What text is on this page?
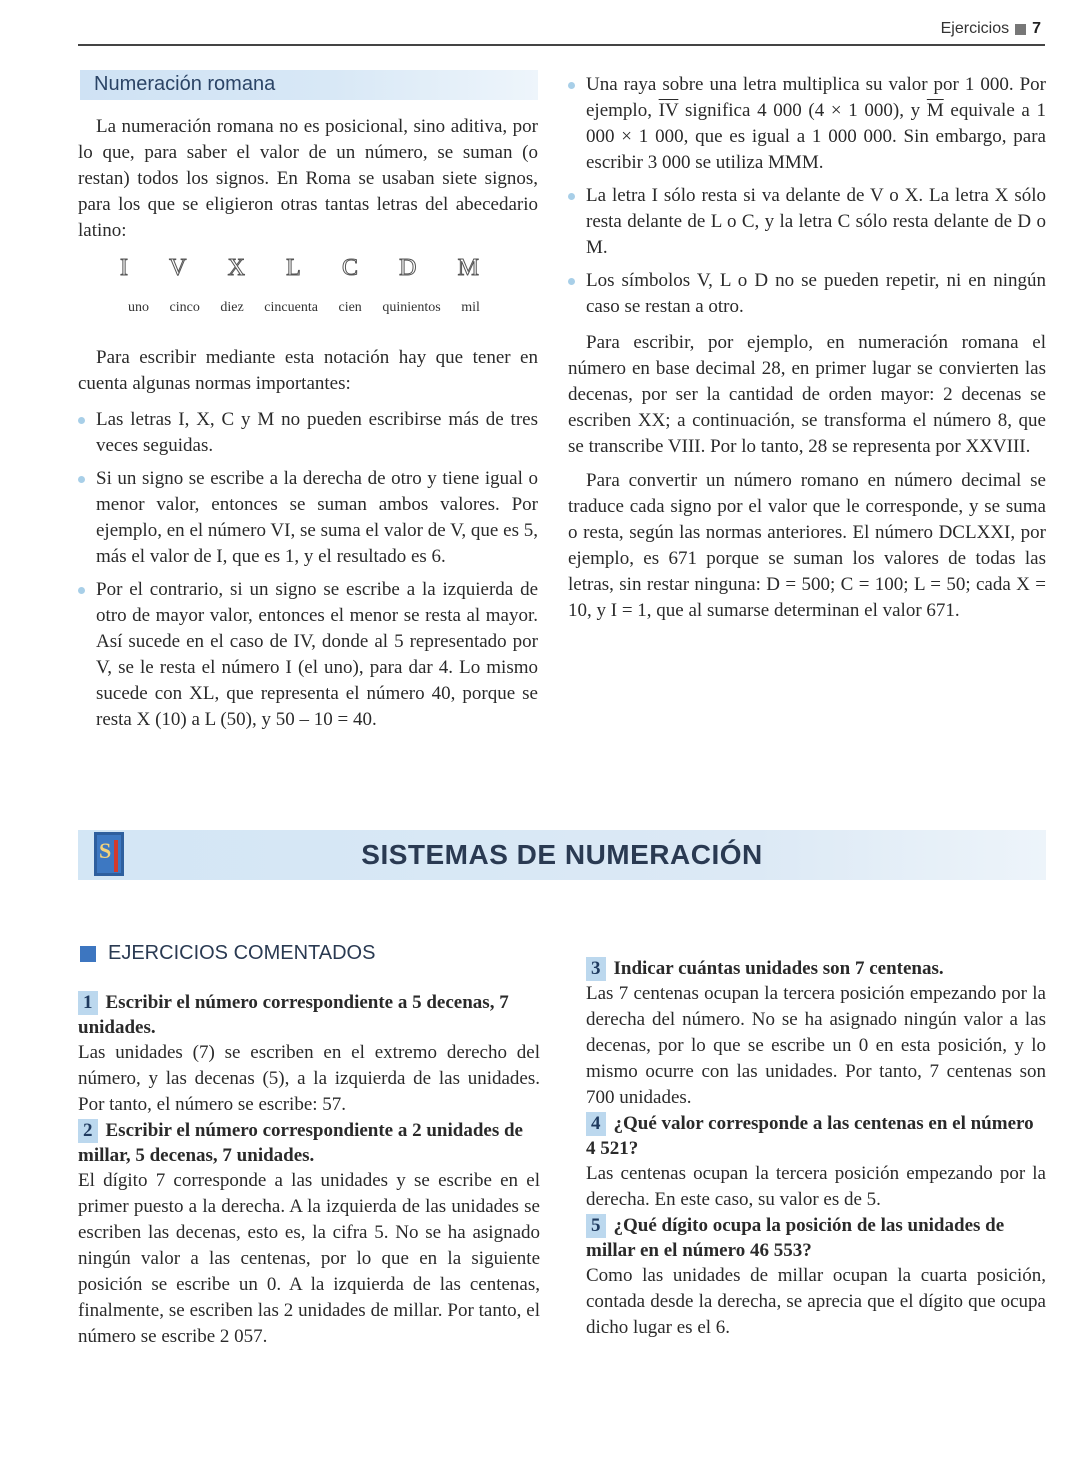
Ejercicios 7
Numeración romana

La numeración romana no es posicional, sino aditiva, por lo que, para saber el valor de un número, se suman (o restan) todos los signos. En Roma se usaban siete signos, para los que se eligieron otras tantas letras del abecedario latino:

I V X L C D M
uno cinco diez cincuenta cien quinientos mil

Para escribir mediante esta notación hay que tener en cuenta algunas normas importantes:

Las letras I, X, C y M no pueden escribirse más de tres veces seguidas.
Si un signo se escribe a la derecha de otro y tiene igual o menor valor, entonces se suman ambos valores. Por ejemplo, en el número VI, se suma el valor de V, que es 5, más el valor de I, que es 1, y el resultado es 6.
Por el contrario, si un signo se escribe a la izquierda de otro de mayor valor, entonces el menor se resta al mayor. Así sucede en el caso de IV, donde al 5 representado por V, se le resta el número I (el uno), para dar 4. Lo mismo sucede con XL, que representa el número 40, porque se resta X (10) a L (50), y 50 – 10 = 40.
Una raya sobre una letra multiplica su valor por 1 000. Por ejemplo, $\overline{IV}$ significa 4 000 (4 × 1 000), y $\overline{M}$ equivale a 1 000 × 1 000, que es igual a 1 000 000. Sin embargo, para escribir 3 000 se utiliza MMM.
La letra I sólo resta si va delante de V o X. La letra X sólo resta delante de L o C, y la letra C sólo resta delante de D o M.
Los símbolos V, L o D no se pueden repetir, ni en ningún caso se restan a otro.

Para escribir, por ejemplo, en numeración romana el número en base decimal 28, en primer lugar se convierten las decenas, por ser la cantidad de orden mayor: 2 decenas se escriben XX; a continuación, se transforma el número 8, que se transcribe VIII. Por lo tanto, 28 se representa por XXVIII.

Para convertir un número romano en número decimal se traduce cada signo por el valor que le corresponde, y se suma o resta, según las normas anteriores. El número DCLXXI, por ejemplo, es 671 porque se suman los valores de todas las letras, sin restar ninguna: D = 500; C = 100; L = 50; cada X = 10, y I = 1, que al sumarse determinan el valor 671.

S	SISTEMAS DE NUMERACIÓN
EJERCICIOS COMENTADOS

1 Escribir el número correspondiente a 5 decenas, 7 unidades.

Las unidades (7) se escriben en el extremo derecho del número, y las decenas (5), a la izquierda de las unidades. Por tanto, el número se escribe: 57.

2 Escribir el número correspondiente a 2 unidades de millar, 5 decenas, 7 unidades.

El dígito 7 corresponde a las unidades y se escribe en el primer puesto a la derecha. A la izquierda de las unidades se escriben las decenas, esto es, la cifra 5. No se ha asignado ningún valor a las centenas, por lo que en la siguiente posición se escribe un 0. A la izquierda de las centenas, finalmente, se escriben las 2 unidades de millar. Por tanto, el número se escribe 2 057.

3 Indicar cuántas unidades son 7 centenas.

Las 7 centenas ocupan la tercera posición empezando por la derecha del número. No se ha asignado ningún valor a las decenas, por lo que se escribe un 0 en esta posición, y lo mismo ocurre con las unidades. Por tanto, 7 centenas son 700 unidades.

4 ¿Qué valor corresponde a las centenas en el número 4 521?

Las centenas ocupan la tercera posición empezando por la derecha. En este caso, su valor es de 5.

5 ¿Qué dígito ocupa la posición de las unidades de millar en el número 46 553?

Como las unidades de millar ocupan la cuarta posición, contada desde la derecha, se aprecia que el dígito que ocupa dicho lugar es el 6.
